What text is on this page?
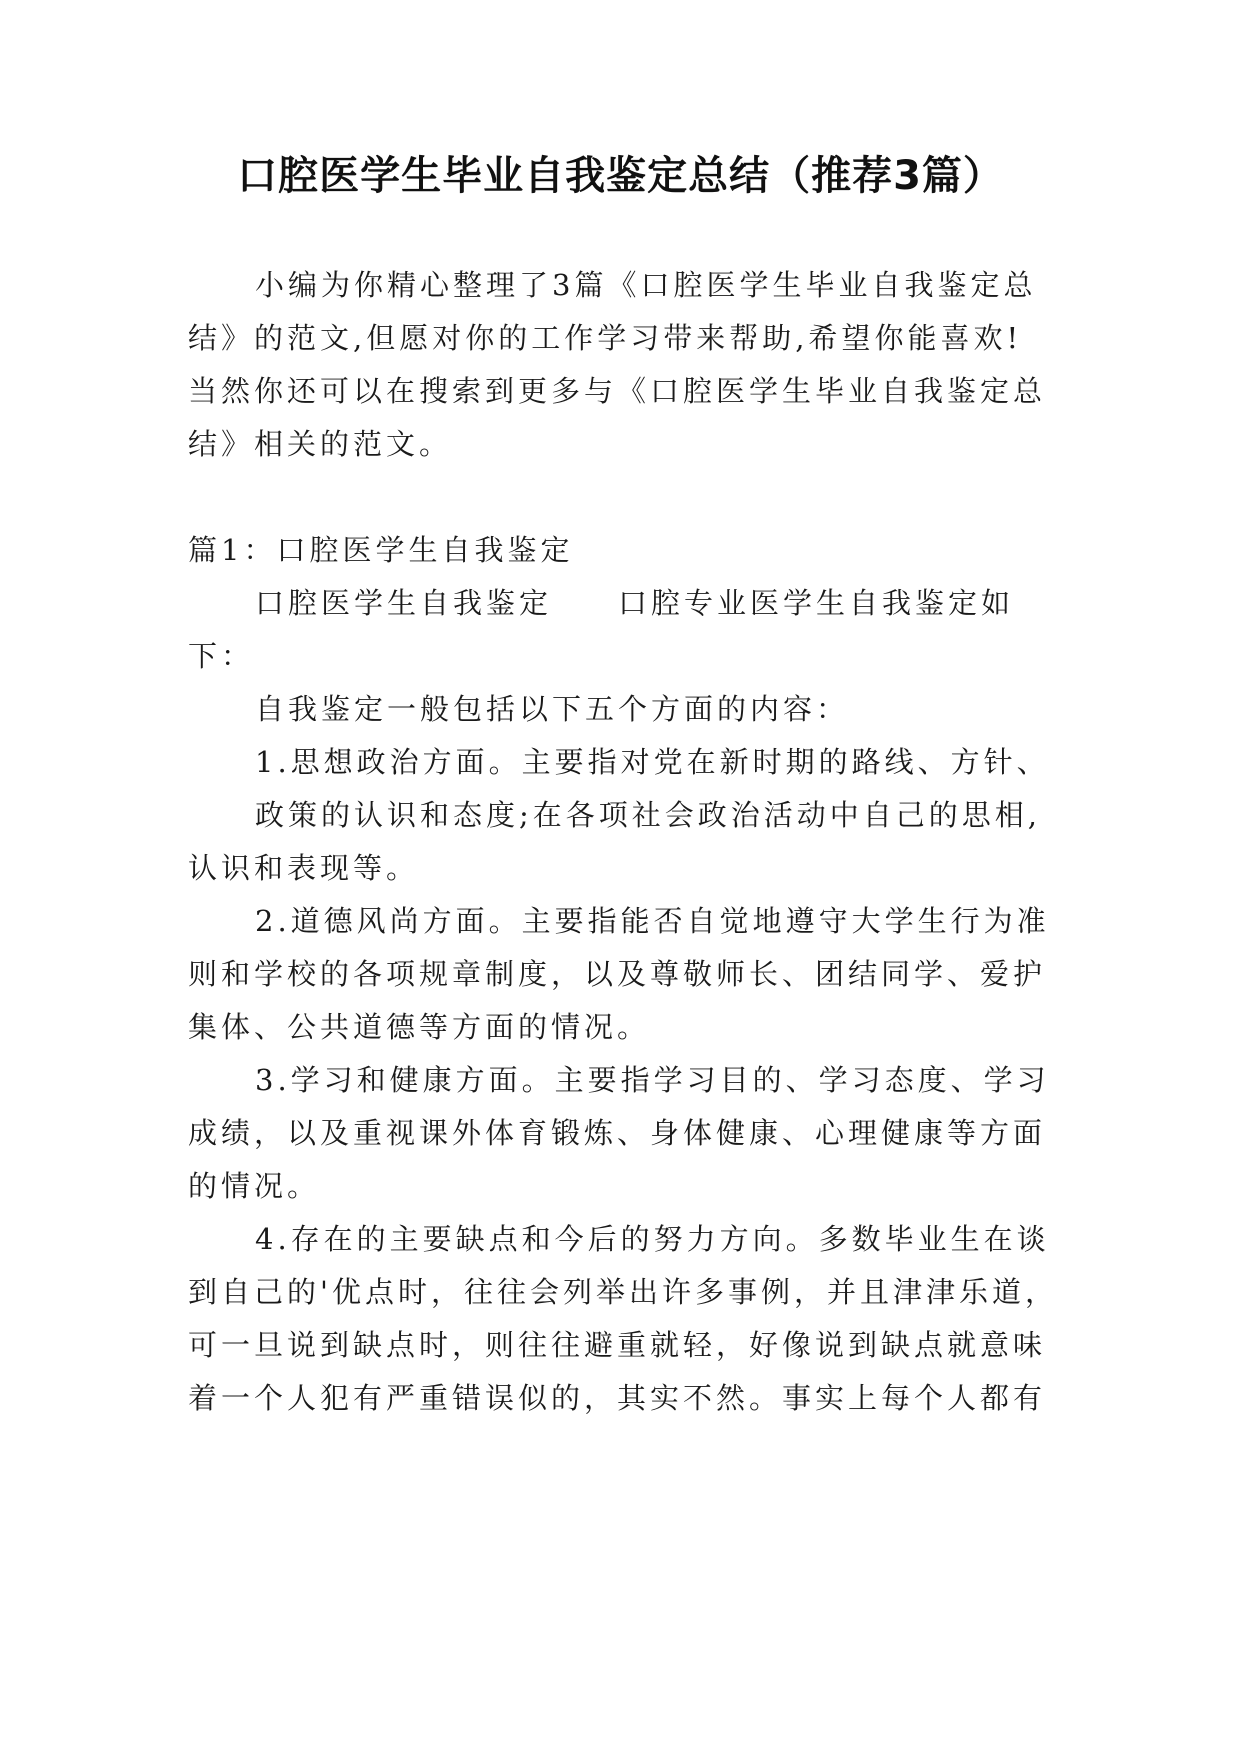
口腔医学生毕业自我鉴定总结（推荐3篇）
小编为你精心整理了3篇《口腔医学生毕业自我鉴定总
结》的范文,但愿对你的工作学习带来帮助,希望你能喜欢!
当然你还可以在搜索到更多与《口腔医学生毕业自我鉴定总
结》相关的范文。
篇1：口腔医学生自我鉴定
口腔医学生自我鉴定　　口腔专业医学生自我鉴定如
下：
自我鉴定一般包括以下五个方面的内容：
1.思想政治方面。主要指对党在新时期的路线、方针、
政策的认识和态度;在各项社会政治活动中自己的思相,
认识和表现等。
2.道德风尚方面。主要指能否自觉地遵守大学生行为准
则和学校的各项规章制度，以及尊敬师长、团结同学、爱护
集体、公共道德等方面的情况。
3.学习和健康方面。主要指学习目的、学习态度、学习
成绩，以及重视课外体育锻炼、身体健康、心理健康等方面
的情况。
4.存在的主要缺点和今后的努力方向。多数毕业生在谈
到自己的'优点时，往往会列举出许多事例，并且津津乐道，
可一旦说到缺点时，则往往避重就轻，好像说到缺点就意味
着一个人犯有严重错误似的，其实不然。事实上每个人都有
